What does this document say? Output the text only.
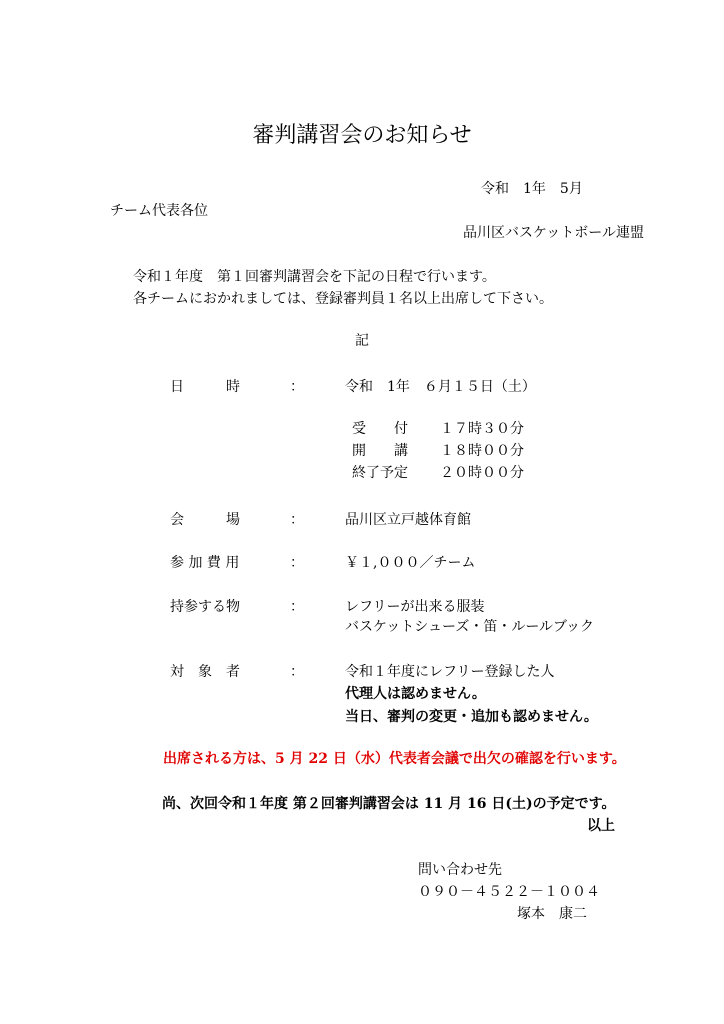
審判講習会のお知らせ
令和　1年　5月
チーム代表各位
品川区バスケットボール連盟
令和１年度　第１回審判講習会を下記の日程で行います。
各チームにおかれましては、登録審判員１名以上出席して下さい。
記
日　　　時	：	令和　1年　６月１５日（土）
受　　付 １７時３０分
開　　講 １８時００分
終了予定 ２０時００分
会　　　場	：	品川区立戸越体育館
参 加 費 用	：	￥１,０００／チーム
持参する物	：	レフリーが出来る服装
バスケットシューズ・笛・ルールブック
対　象　者	：	令和１年度にレフリー登録した人
代理人は認めません。
当日、審判の変更・追加も認めません。
出席される方は、5 月 22 日（水）代表者会議で出欠の確認を行います。
尚、次回令和１年度 第２回審判講習会は 11 月 16 日(土)の予定です。
以上
問い合わせ先
０９０－４５２２－１００４
塚本　康二
